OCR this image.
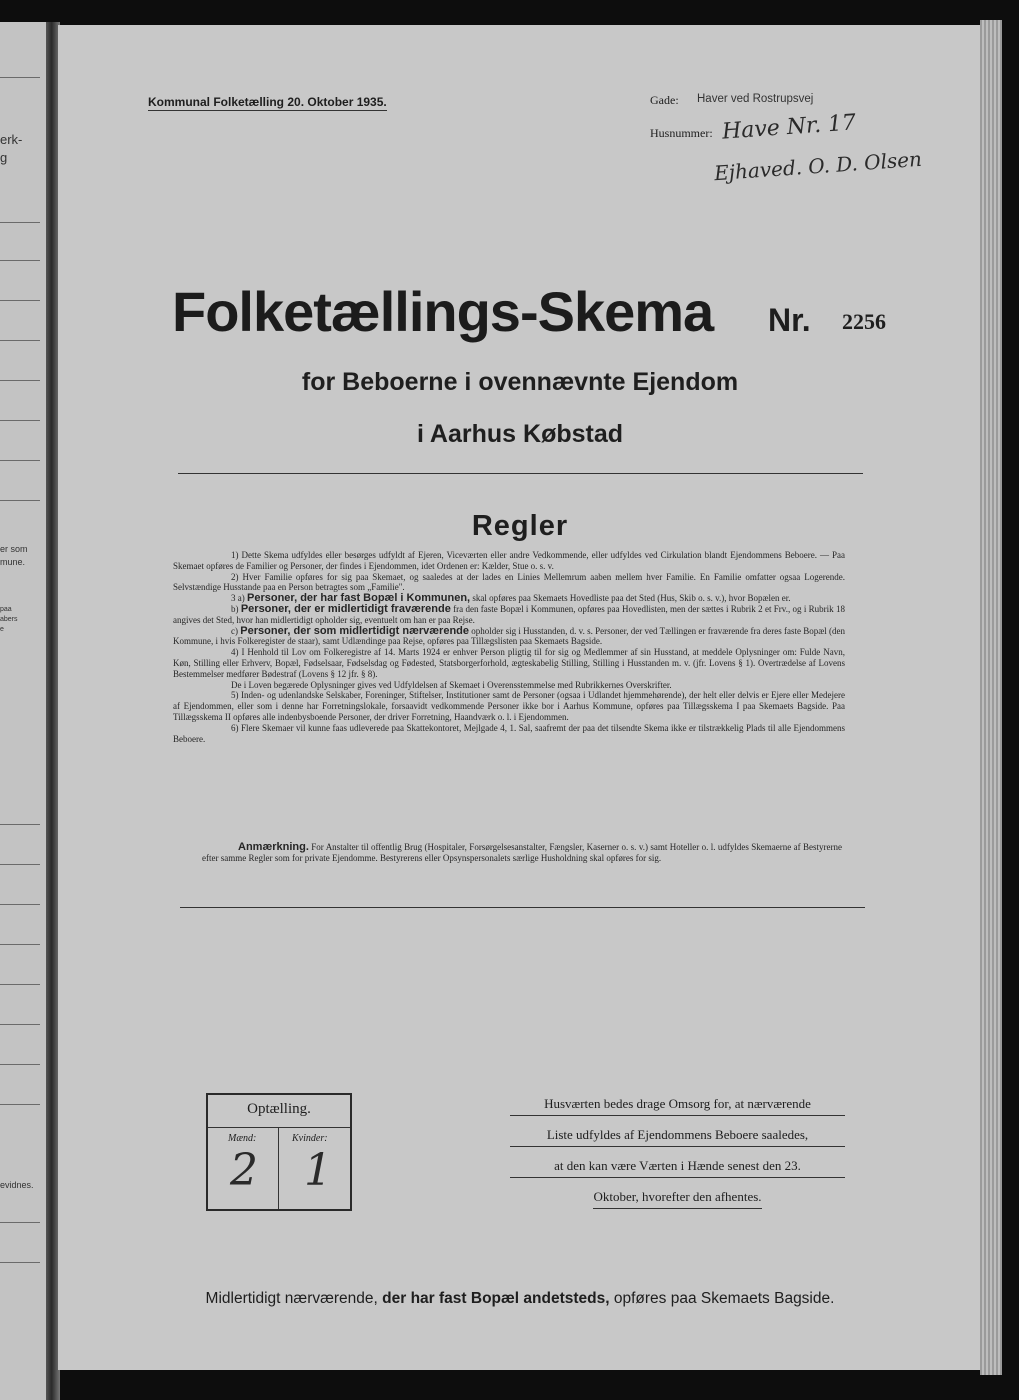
erk-
g
er som
mune.
paa
abers
e
evidnes.
Kommunal Folketælling 20. Oktober 1935.	Gade: Haver ved Rostrupsvej
Husnummer: Have Nr. 17
Ejhaved. O. D. Olsen
Folketællings-Skema Nr. 2256
for Beboerne i ovennævnte Ejendom
i Aarhus Købstad
Regler

1) Dette Skema udfyldes eller besørges udfyldt af Ejeren, Viceværten eller andre Vedkommende, eller udfyldes ved Cirkulation blandt Ejendommens Beboere. — Paa Skemaet opføres de Familier og Personer, der findes i Ejendommen, idet Ordenen er: Kælder, Stue o. s. v.

2) Hver Familie opføres for sig paa Skemaet, og saaledes at der lades en Linies Mellemrum aaben mellem hver Familie. En Familie omfatter ogsaa Logerende. Selvstændige Husstande paa en Person betragtes som „Familie".

3 a) Personer, der har fast Bopæl i Kommunen, skal opføres paa Skemaets Hovedliste paa det Sted (Hus, Skib o. s. v.), hvor Bopælen er.

b) Personer, der er midlertidigt fraværende fra den faste Bopæl i Kommunen, opføres paa Hovedlisten, men der sættes i Rubrik 2 et Frv., og i Rubrik 18 angives det Sted, hvor han midlertidigt opholder sig, eventuelt om han er paa Rejse.

c) Personer, der som midlertidigt nærværende opholder sig i Husstanden, d. v. s. Personer, der ved Tællingen er fraværende fra deres faste Bopæl (den Kommune, i hvis Folkeregister de staar), samt Udlændinge paa Rejse, opføres paa Tillægslisten paa Skemaets Bagside.

4) I Henhold til Lov om Folkeregistre af 14. Marts 1924 er enhver Person pligtig til for sig og Medlemmer af sin Husstand, at meddele Oplysninger om: Fulde Navn, Køn, Stilling eller Erhverv, Bopæl, Fødselsaar, Fødselsdag og Fødested, Statsborgerforhold, ægteskabelig Stilling, Stilling i Husstanden m. v. (jfr. Lovens § 1). Overtrædelse af Lovens Bestemmelser medfører Bødestraf (Lovens § 12 jfr. § 8).

De i Loven begærede Oplysninger gives ved Udfyldelsen af Skemaet i Overensstemmelse med Rubrikkernes Overskrifter.

5) Inden- og udenlandske Selskaber, Foreninger, Stiftelser, Institutioner samt de Personer (ogsaa i Udlandet hjemmehørende), der helt eller delvis er Ejere eller Medejere af Ejendommen, eller som i denne har Forretningslokale, forsaavidt vedkommende Personer ikke bor i Aarhus Kommune, opføres paa Tillægsskema I paa Skemaets Bagside. Paa Tillægsskema II opføres alle indenbysboende Personer, der driver Forretning, Haandværk o. l. i Ejendommen.

6) Flere Skemaer vil kunne faas udleverede paa Skattekontoret, Mejlgade 4, 1. Sal, saafremt der paa det tilsendte Skema ikke er tilstrækkelig Plads til alle Ejendommens Beboere.

Anmærkning. For Anstalter til offentlig Brug (Hospitaler, Forsørgelsesanstalter, Fængsler, Kaserner o. s. v.) samt Hoteller o. l. udfyldes Skemaerne af Bestyrerne efter samme Regler som for private Ejendomme. Bestyrerens eller Opsynspersonalets særlige Husholdning skal opføres for sig.

Optælling.
Mænd:	Kvinder:
2 1
Husværten bedes drage Omsorg for, at nærværende
Liste udfyldes af Ejendommens Beboere saaledes,
at den kan være Værten i Hænde senest den 23.
Oktober, hvorefter den afhentes.
Midlertidigt nærværende, der har fast Bopæl andetsteds, opføres paa Skemaets Bagside.
